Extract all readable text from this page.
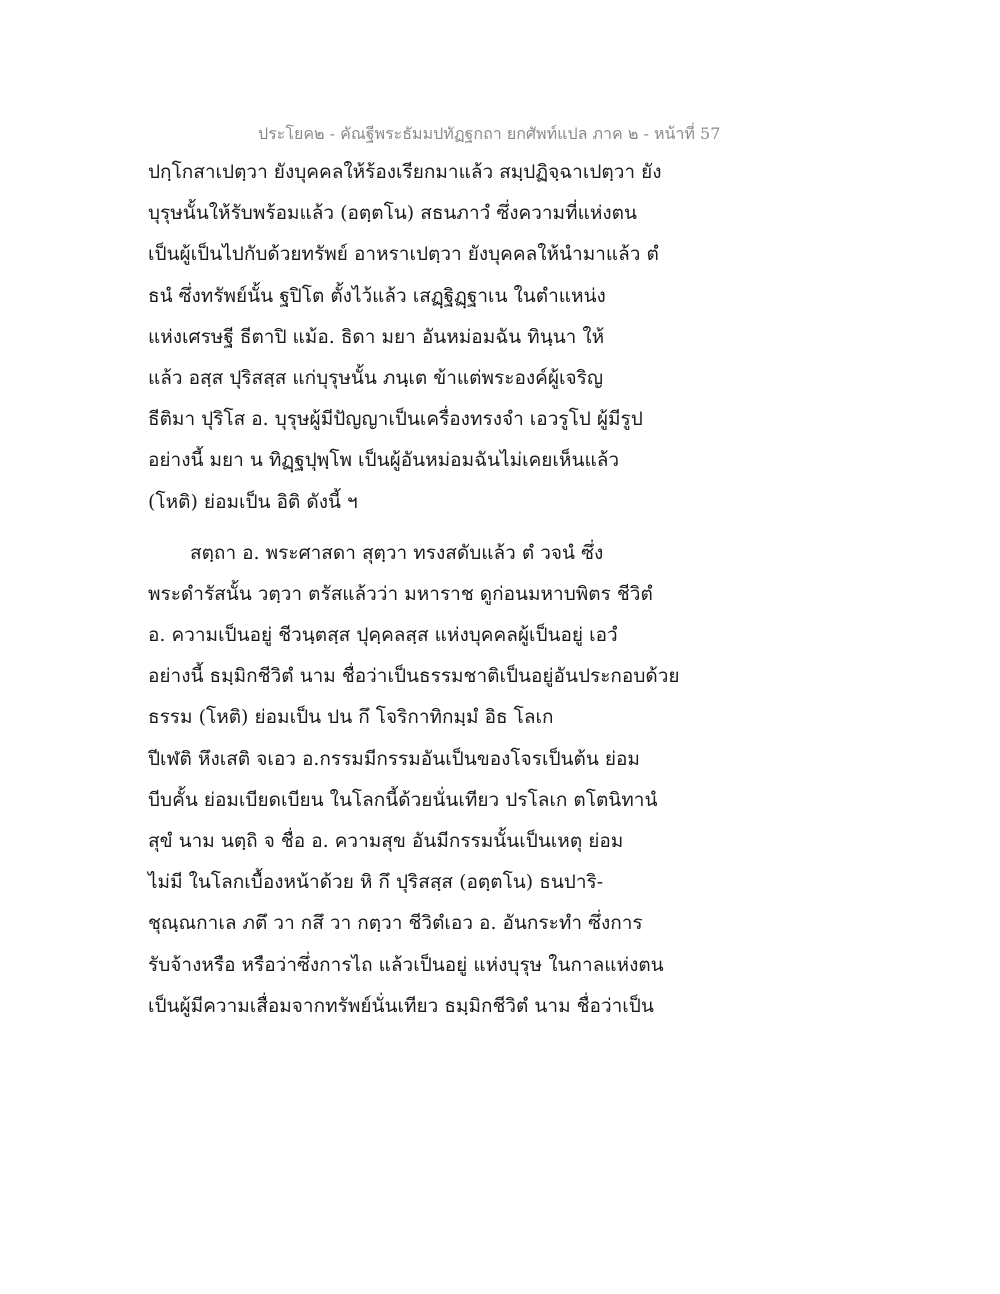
ประโยค๒ - คัณฐีพระธัมมปทัฏฐกถา ยกศัพท์แปล ภาค ๒ - หน้าที่ 57
ปกฺโกสาเปตฺวา ยังบุคคลให้ร้องเรียกมาแล้ว สมฺปฏิจฺฉาเปตฺวา ยัง
บุรุษนั้นให้รับพร้อมแล้ว (อตฺตโน) สธนภาวํ ซึ่งความที่แห่งตน
เป็นผู้เป็นไปกับด้วยทรัพย์ อาหราเปตฺวา ยังบุคคลให้นำมาแล้ว ตํ
ธนํ ซึ่งทรัพย์นั้น ฐปิโต ตั้งไว้แล้ว เสฏฺฐิฏฺฐาเน ในตำแหน่ง
แห่งเศรษฐี ธีตาปิ แม้อ. ธิดา มยา อันหม่อมฉัน ทินฺนา ให้
แล้ว อสฺส ปุริสสฺส แก่บุรุษนั้น ภนฺเต ข้าแต่พระองค์ผู้เจริญ
ธีติมา ปุริโส อ. บุรุษผู้มีปัญญาเป็นเครื่องทรงจำ เอวรูโป ผู้มีรูป
อย่างนี้ มยา น ทิฏฺฐปุพฺโพ เป็นผู้อันหม่อมฉันไม่เคยเห็นแล้ว
(โหติ) ย่อมเป็น อิติ ดังนี้ ฯ
สตฺถา อ. พระศาสดา สุตฺวา ทรงสดับแล้ว ตํ วจนํ ซึ่ง
พระดำรัสนั้น วตฺวา ตรัสแล้วว่า มหาราช ดูก่อนมหาบพิตร ชีวิตํ
อ. ความเป็นอยู่ ชีวนฺตสฺส ปุคฺคลสฺส แห่งบุคคลผู้เป็นอยู่ เอวํ
อย่างนี้ ธมฺมิกชีวิตํ นาม ชื่อว่าเป็นธรรมชาติเป็นอยู่อันประกอบด้วย
ธรรม (โหติ) ย่อมเป็น ปน กึ โจริกาทิกมฺมํ อิธ โลเก
ปีเฬติ หึงเสติ จเอว อ.กรรมมีกรรมอันเป็นของโจรเป็นต้น ย่อม
บีบคั้น ย่อมเบียดเบียน ในโลกนี้ด้วยนั่นเทียว ปรโลเก ตโตนิทานํ
สุขํ นาม นตฺถิ จ ชื่อ อ. ความสุข อันมีกรรมนั้นเป็นเหตุ ย่อม
ไม่มี ในโลกเบื้องหน้าด้วย หิ กึ ปุริสสฺส (อตฺตโน) ธนปาริ-
ชุณฺณกาเล ภตึ วา กสึ วา กตฺวา ชีวิตํเอว อ. อันกระทำ ซึ่งการ
รับจ้างหรือ หรือว่าซึ่งการไถ แล้วเป็นอยู่ แห่งบุรุษ ในกาลแห่งตน
เป็นผู้มีความเสื่อมจากทรัพย์นั่นเทียว ธมฺมิกชีวิตํ นาม ชื่อว่าเป็น
